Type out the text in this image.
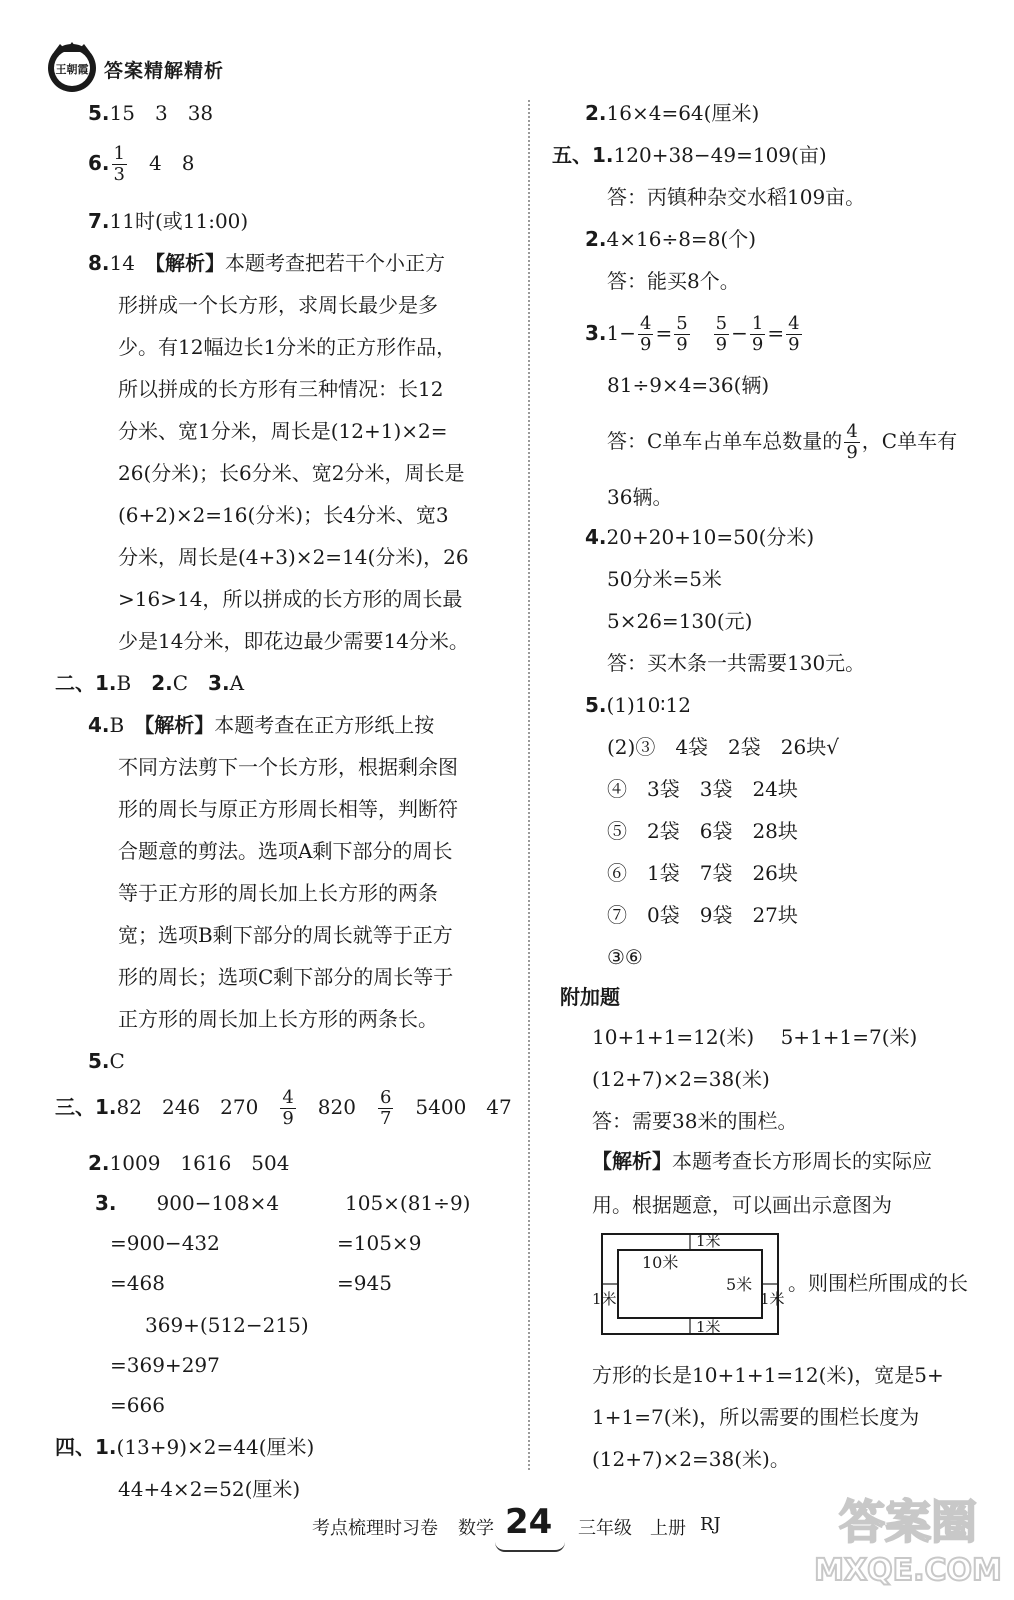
王朝霞 答案精解精析
5.15　3　38
6. $\frac{1}{3}$ 　4　8
7.11时(或11:00)
8.14　【解析】本题考查把若干个小正方
形拼成一个长方形，求周长最少是多
少。有12幅边长1分米的正方形作品，
所以拼成的长方形有三种情况：长12
分米、宽1分米，周长是(12+1)×2=
26(分米)；长6分米、宽2分米，周长是
(6+2)×2=16(分米)；长4分米、宽3
分米，周长是(4+3)×2=14(分米)，26
>16>14，所以拼成的长方形的周长最
少是14分米，即花边最少需要14分米。
二、1.B　2.C　3.A
4.B　【解析】本题考查在正方形纸上按
不同方法剪下一个长方形，根据剩余图
形的周长与原正方形周长相等，判断符
合题意的剪法。选项A剩下部分的周长
等于正方形的周长加上长方形的两条
宽；选项B剩下部分的周长就等于正方
形的周长；选项C剩下部分的周长等于
正方形的周长加上长方形的两条长。
5.C
三、1.82　246　270　 $\frac{4}{9}$ 　820　 $\frac{6}{7}$ 　5400　47
2.1009　1616　504
3.　　900−108×4	105×(81÷9)
=900−432	=105×9
=468	=945
369+(512−215)
=369+297
=666
四、1.(13+9)×2=44(厘米)
44+4×2=52(厘米)
2.16×4=64(厘米)
五、1.120+38−49=109(亩)
答：丙镇种杂交水稻109亩。
2.4×16÷8=8(个)
答：能买8个。
$3.1- \frac{4}{9} = \frac{5}{9}$
　 $\frac{5}{9} - \frac{1}{9} = \frac{4}{9}$
81÷9×4=36(辆)
答：C单车占单车总数量的 $\frac{4}{9}$ ，C单车有
36辆。
4.20+20+10=50(分米)
50分米=5米
5×26=130(元)
答：买木条一共需要130元。
5.(1)10∶12
(2)③　4袋　2袋　26块√
④　3袋　3袋　24块
⑤　2袋　6袋　28块
⑥　1袋　7袋　26块
⑦　0袋　9袋　27块
③⑥
附加题
10+1+1=12(米)　 5+1+1=7(米)
(12+7)×2=38(米)
答：需要38米的围栏。
【解析】本题考查长方形周长的实际应
用。根据题意，可以画出示意图为
。则围栏所围成的长
方形的长是10+1+1=12(米)，宽是5+
1+1=7(米)，所以需要的围栏长度为
(12+7)×2=38(米)。
1米
10米
5米
1米	1米
1米
考点梳理时习卷 数学 24 三年级 上册 RJ	答案圈
MXQE.COM
